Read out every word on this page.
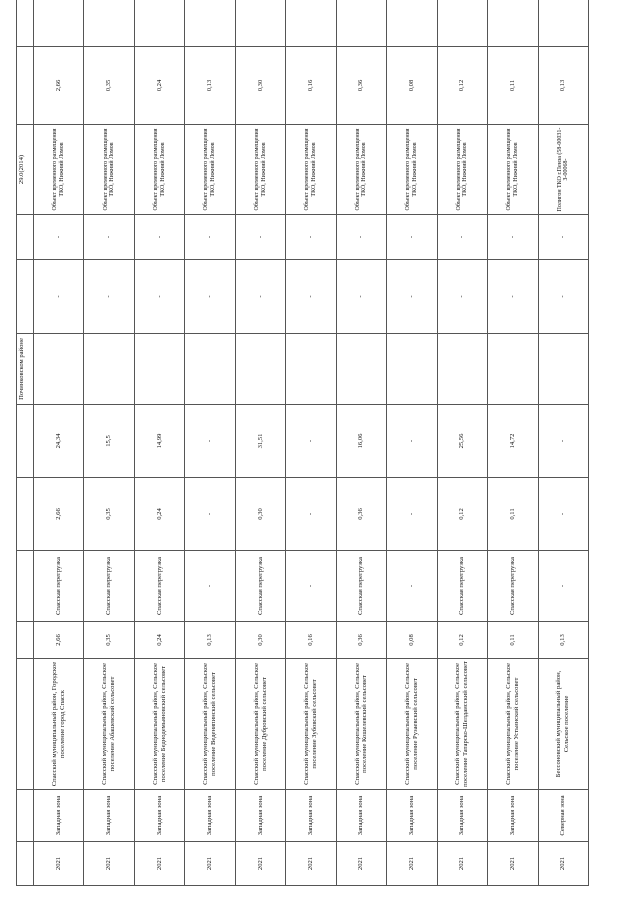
							Починковском районе			29.0(2014)		
2021	Западная зона	Спасский муниципальный район, Городское поселение город Спасск	2,66	Спасская перегрузка	2,66	24,34		-	-	Объект временного размещения ТКО, Нижний Ломов	2,66	
2021	Западная зона	Спасский муниципальный район, Сельское поселение Абашевский сельсовет	0,35	Спасская перегрузка	0,35	15,5		-	-	Объект временного размещения ТКО, Нижний Ломов	0,35	
2021	Западная зона	Спасский муниципальный район, Сельское поселение Беднодемьяновский сельсовет	0,24	Спасская перегрузка	0,24	14,99		-	-	Объект временного размещения ТКО, Нижний Ломов	0,24	
2021	Западная зона	Спасский муниципальный район, Сельское поселение Веденяпинский сельсовет	0,13	-	-	-		-	-	Объект временного размещения ТКО, Нижний Ломов	0,13	
2021	Западная зона	Спасский муниципальный район, Сельское поселение Дубровский сельсовет	0,30	Спасская перегрузка	0,30	31,51		-	-	Объект временного размещения ТКО, Нижний Ломов	0,30	
2021	Западная зона	Спасский муниципальный район, Сельское поселение Зубовский сельсовет	0,16	-	-	-		-	-	Объект временного размещения ТКО, Нижний Ломов	0,16	
2021	Западная зона	Спасский муниципальный район, Сельское поселение Кошелевский сельсовет	0,36	Спасская перегрузка	0,36	16,06		-	-	Объект временного размещения ТКО, Нижний Ломов	0,36	
2021	Западная зона	Спасский муниципальный район, Сельское поселение Рузаевский сельсовет	0,08	-	-	-		-	-	Объект временного размещения ТКО, Нижний Ломов	0,08	
2021	Западная зона	Спасский муниципальный район, Сельское поселение Татарско-Шелдаисский сельсовет	0,12	Спасская перегрузка	0,12	25,56		-	-	Объект временного размещения ТКО, Нижний Ломов	0,12	
2021	Западная зона	Спасский муниципальный район, Сельское поселение Устьинский сельсовет	0,11	Спасская перегрузка	0,11	14,72		-	-	Объект временного размещения ТКО, Нижний Ломов	0,11	
2021	Северная зона	Бессоновский муниципальный район, Сельское поселение	0,13	-	-	-		-	-	Полигон ТКО г.Пенза (58-00031-З-00068-	0,13	
